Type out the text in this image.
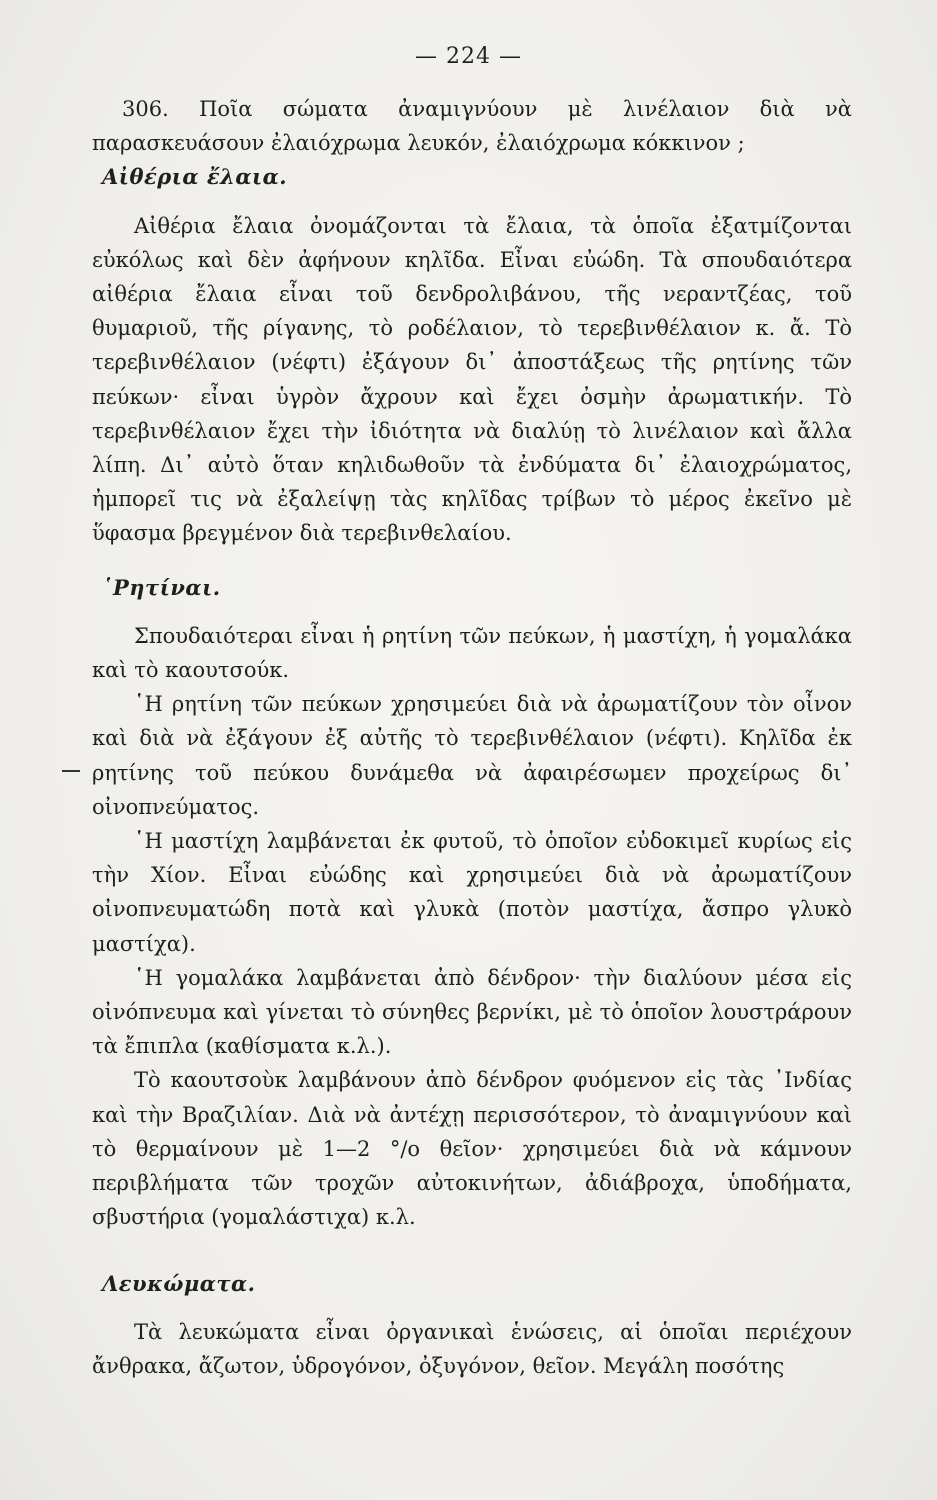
— 224 —

306. Ποῖα σώματα ἀναμιγνύουν μὲ λινέλαιον διὰ νὰ παρασκευάσουν ἐλαιόχρωμα λευκόν, ἐλαιόχρωμα κόκκινον ;

Αἰθέρια ἔλαια.

Αἰθέρια ἔλαια ὀνομάζονται τὰ ἔλαια, τὰ ὁποῖα ἐξατμίζονται εὐκόλως καὶ δὲν ἀφήνουν κηλῖδα. Εἶναι εὐώδη. Τὰ σπουδαιότερα αἰθέρια ἔλαια εἶναι τοῦ δενδρολιβάνου, τῆς νεραντζέας, τοῦ θυμαριοῦ, τῆς ρίγανης, τὸ ροδέλαιον, τὸ τερεβινθέλαιον κ. ἄ. Τὸ τερεβινθέλαιον (νέφτι) ἐξάγουν δι᾽ ἀποστάξεως τῆς ρητίνης τῶν πεύκων· εἶναι ὑγρὸν ἄχρουν καὶ ἔχει ὀσμὴν ἀρωματικήν. Τὸ τερεβινθέλαιον ἔχει τὴν ἰδιότητα νὰ διαλύῃ τὸ λινέλαιον καὶ ἄλλα λίπη. Δι᾽ αὐτὸ ὅταν κηλιδωθοῦν τὰ ἐνδύματα δι᾽ ἐλαιοχρώματος, ἠμπορεῖ τις νὰ ἐξαλείψῃ τὰς κηλῖδας τρίβων τὸ μέρος ἐκεῖνο μὲ ὕφασμα βρεγμένον διὰ τερεβινθελαίου.

῾Ρητίναι.

Σπουδαιότεραι εἶναι ἡ ρητίνη τῶν πεύκων, ἡ μαστίχη, ἡ γομαλάκα καὶ τὸ καουτσούκ.

῾Η ρητίνη τῶν πεύκων χρησιμεύει διὰ νὰ ἀρωματίζουν τὸν οἶνον καὶ διὰ νὰ ἐξάγουν ἐξ αὐτῆς τὸ τερεβινθέλαιον (νέφτι). Κηλῖδα ἐκ ρητίνης τοῦ πεύκου δυνάμεθα νὰ ἀφαιρέσωμεν προχείρως δι᾽ οἰνοπνεύματος.

῾Η μαστίχη λαμβάνεται ἐκ φυτοῦ, τὸ ὁποῖον εὐδοκιμεῖ κυρίως εἰς τὴν Χίον. Εἶναι εὐώδης καὶ χρησιμεύει διὰ νὰ ἀρωματίζουν οἰνοπνευματώδη ποτὰ καὶ γλυκὰ (ποτὸν μαστίχα, ἄσπρο γλυκὸ μαστίχα).

῾Η γομαλάκα λαμβάνεται ἀπὸ δένδρον· τὴν διαλύουν μέσα εἰς οἰνόπνευμα καὶ γίνεται τὸ σύνηθες βερνίκι, μὲ τὸ ὁποῖον λουστράρουν τὰ ἔπιπλα (καθίσματα κ.λ.).

Τὸ καουτσοὺκ λαμβάνουν ἀπὸ δένδρον φυόμενον εἰς τὰς ᾿Ινδίας καὶ τὴν Βραζιλίαν. Διὰ νὰ ἀντέχῃ περισσότερον, τὸ ἀναμιγνύουν καὶ τὸ θερμαίνουν μὲ 1—2 °/ο θεῖον· χρησιμεύει διὰ νὰ κάμνουν περιβλήματα τῶν τροχῶν αὐτοκινήτων, ἀδιάβροχα, ὑποδήματα, σβυστήρια (γομαλάστιχα) κ.λ.

Λευκώματα.

Τὰ λευκώματα εἶναι ὀργανικαὶ ἑνώσεις, αἱ ὁποῖαι περιέχουν ἄνθρακα, ἄζωτον, ὑδρογόνον, ὀξυγόνον, θεῖον. Μεγάλη ποσότης
